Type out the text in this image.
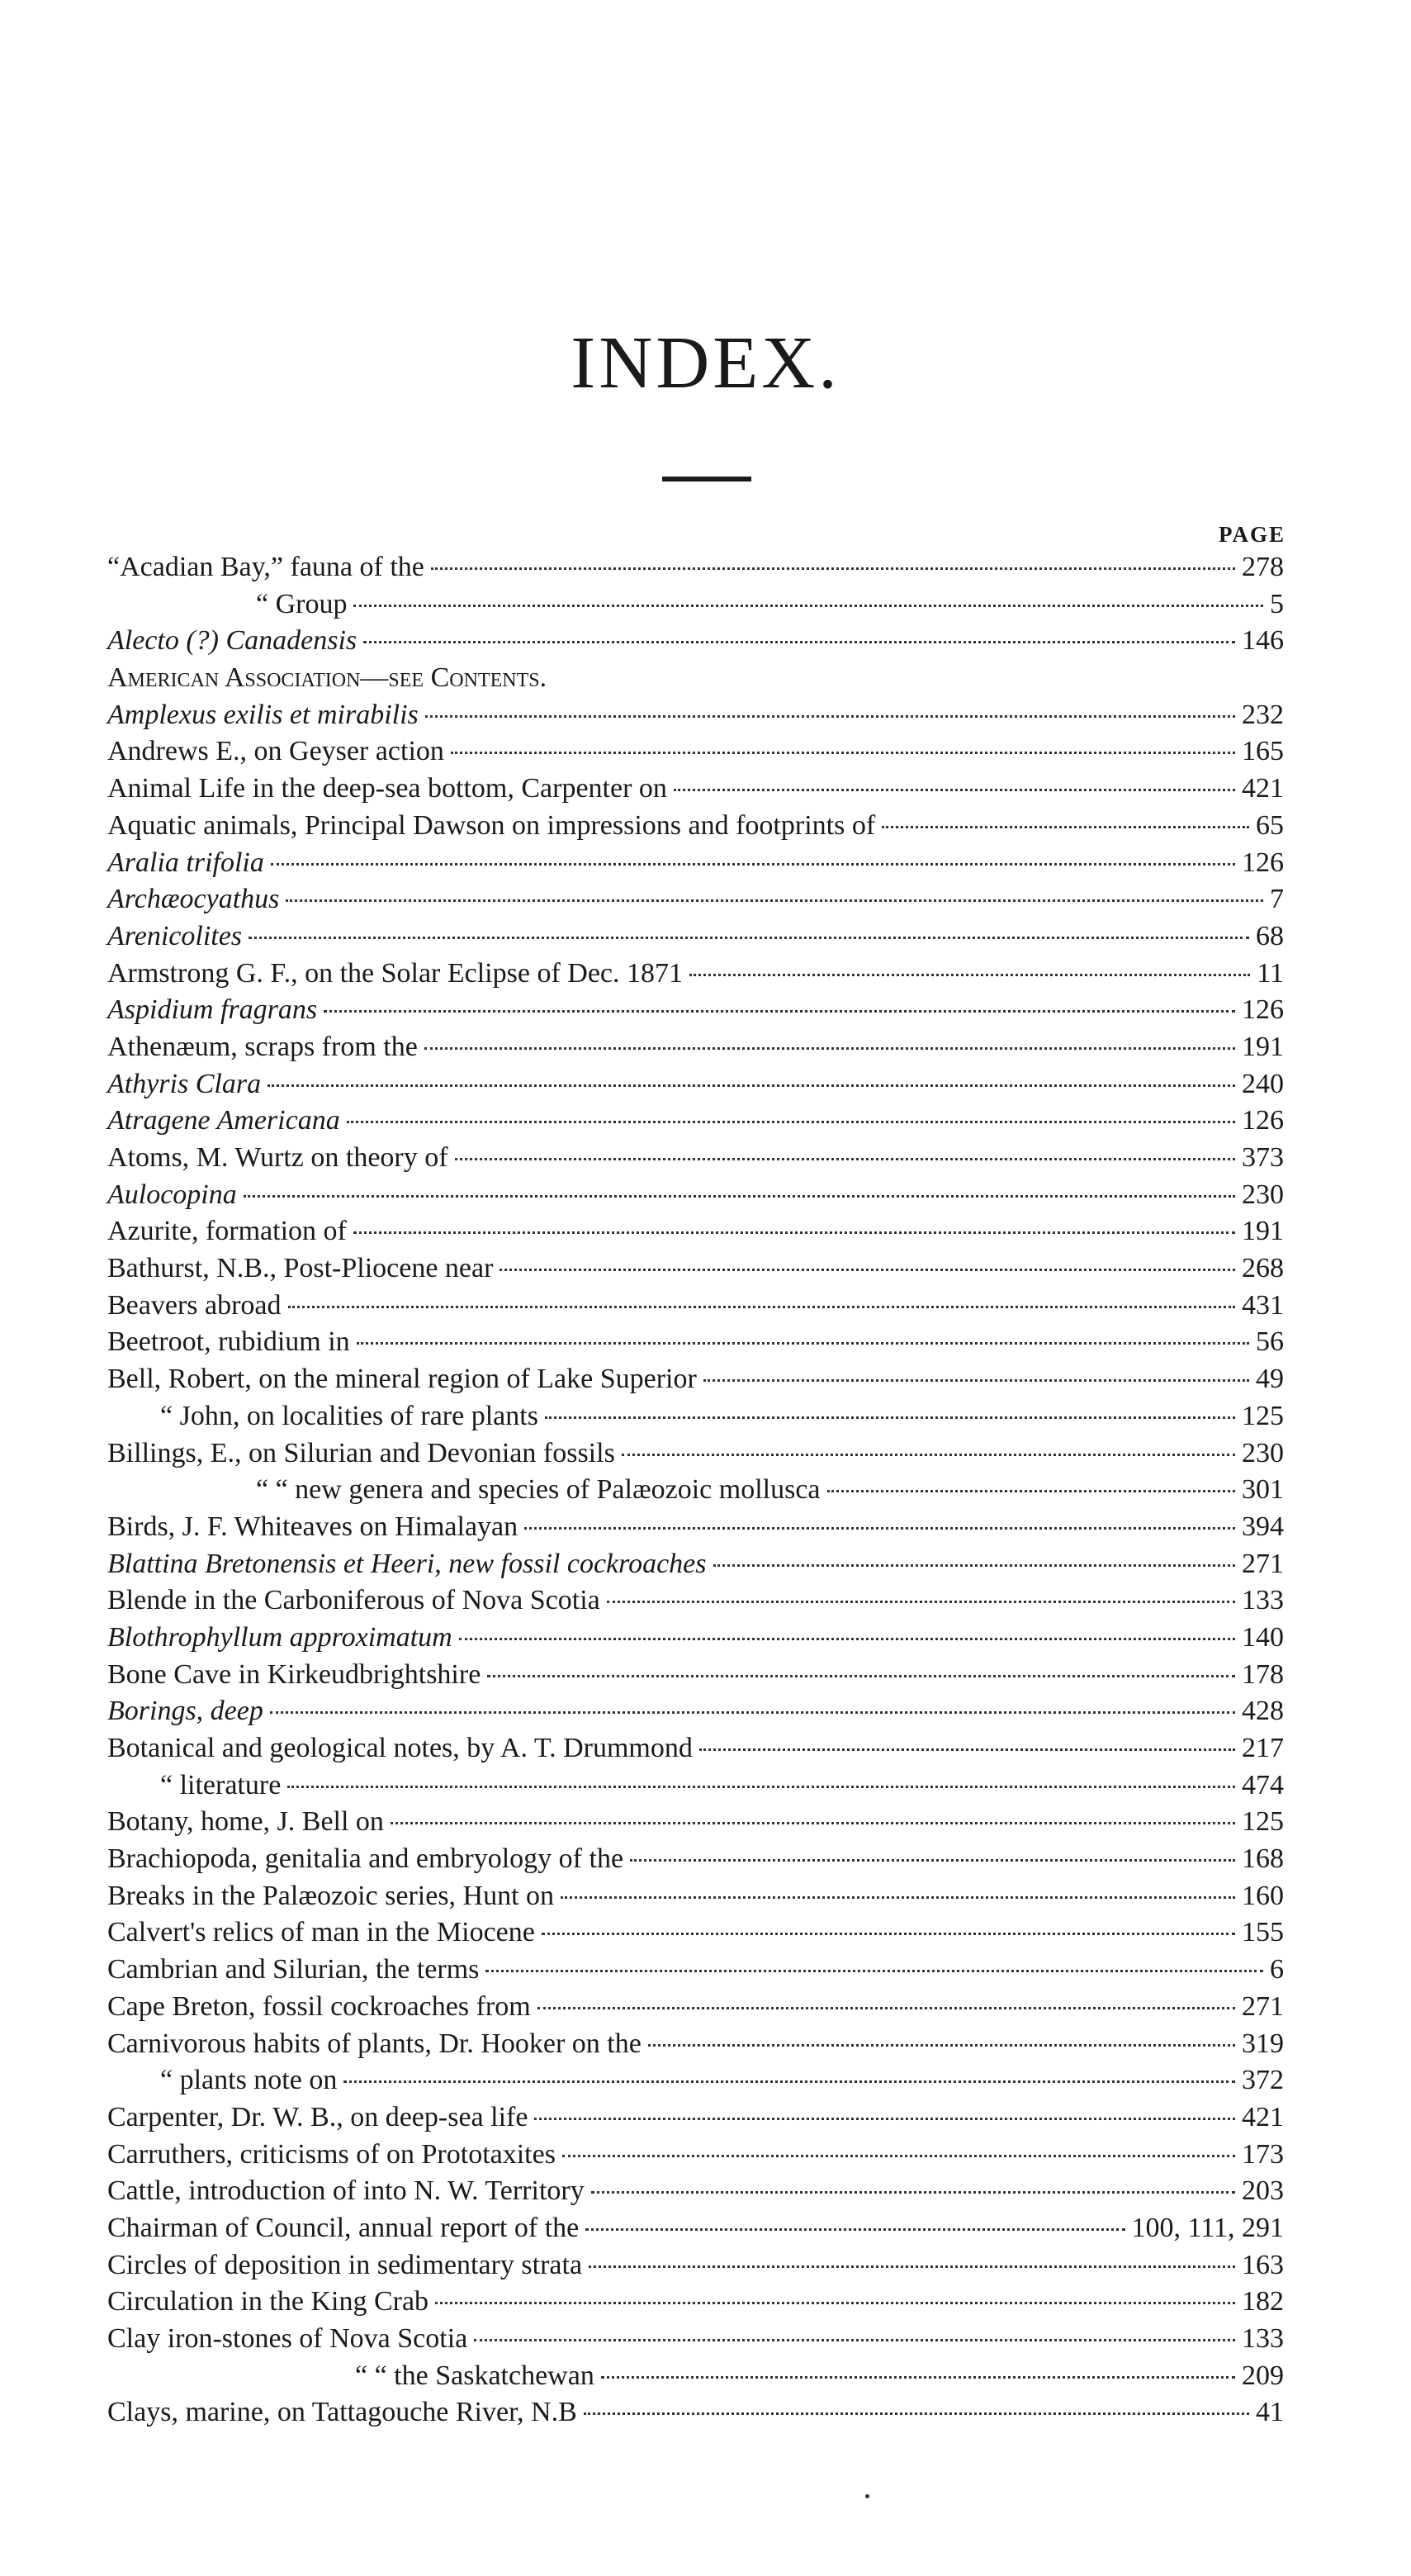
INDEX.
PAGE
“Acadian Bay,” fauna of the	278
“ Group	5
Alecto (?) Canadensis	146
American Association—see Contents.
Amplexus exilis et mirabilis	232
Andrews E., on Geyser action	165
Animal Life in the deep-sea bottom, Carpenter on	421
Aquatic animals, Principal Dawson on impressions and footprints of	65
Aralia trifolia	126
Archæocyathus	7
Arenicolites	68
Armstrong G. F., on the Solar Eclipse of Dec. 1871	11
Aspidium fragrans	126
Athenæum, scraps from the	191
Athyris Clara	240
Atragene Americana	126
Atoms, M. Wurtz on theory of	373
Aulocopina	230
Azurite, formation of	191
Bathurst, N.B., Post-Pliocene near	268
Beavers abroad	431
Beetroot, rubidium in	56
Bell, Robert, on the mineral region of Lake Superior	49
“ John, on localities of rare plants	125
Billings, E., on Silurian and Devonian fossils	230
“ “ new genera and species of Palæozoic mollusca	301
Birds, J. F. Whiteaves on Himalayan	394
Blattina Bretonensis et Heeri, new fossil cockroaches	271
Blende in the Carboniferous of Nova Scotia	133
Blothrophyllum approximatum	140
Bone Cave in Kirkeudbrightshire	178
Borings, deep	428
Botanical and geological notes, by A. T. Drummond	217
“ literature	474
Botany, home, J. Bell on	125
Brachiopoda, genitalia and embryology of the	168
Breaks in the Palæozoic series, Hunt on	160
Calvert's relics of man in the Miocene	155
Cambrian and Silurian, the terms	6
Cape Breton, fossil cockroaches from	271
Carnivorous habits of plants, Dr. Hooker on the	319
“ plants note on	372
Carpenter, Dr. W. B., on deep-sea life	421
Carruthers, criticisms of on Prototaxites	173
Cattle, introduction of into N. W. Territory	203
Chairman of Council, annual report of the	100, 111, 291
Circles of deposition in sedimentary strata	163
Circulation in the King Crab	182
Clay iron-stones of Nova Scotia	133
“ “ the Saskatchewan	209
Clays, marine, on Tattagouche River, N.B	41
